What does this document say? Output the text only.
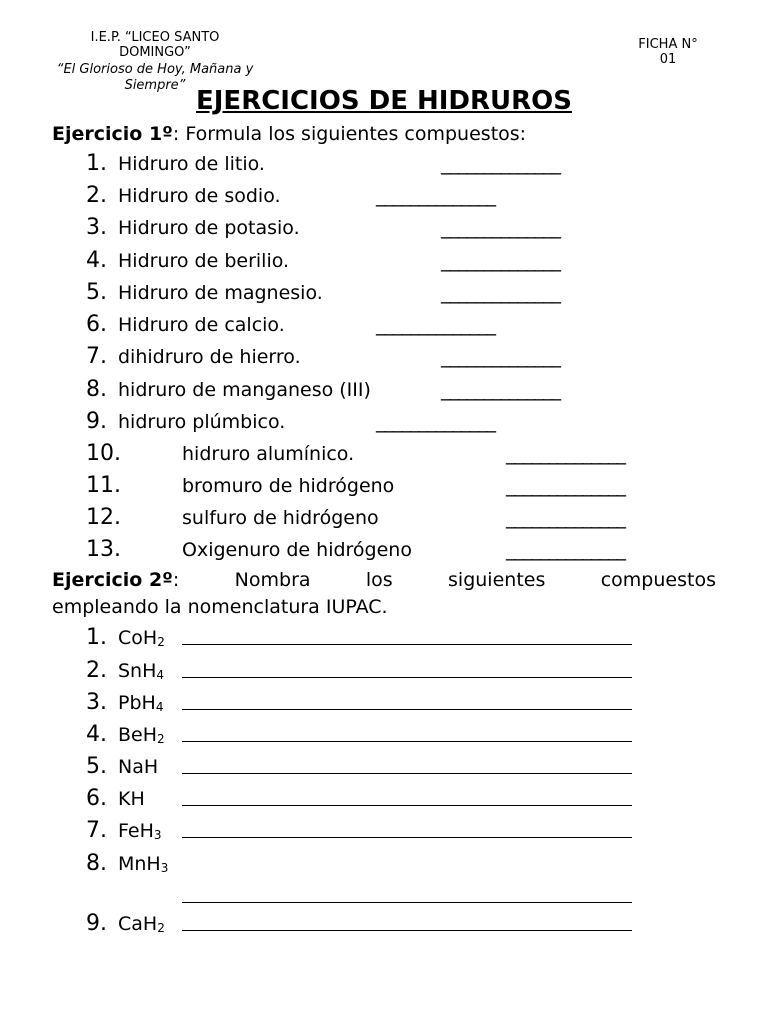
I.E.P. “LICEO SANTO
DOMINGO”
“El Glorioso de Hoy, Mañana y Siempre”
FICHA N°
01
EJERCICIOS DE HIDRUROS
Ejercicio 1º: Formula los siguientes compuestos:
1. Hidruro de litio.	______________
2. Hidruro de sodio.	______________
3. Hidruro de potasio.	______________
4. Hidruro de berilio.	______________
5. Hidruro de magnesio.	______________
6. Hidruro de calcio.	______________
7. dihidruro de hierro.	______________
8. hidruro de manganeso (III)	______________
9. hidruro plúmbico.	______________
10.	hidruro alumínico.	______________
11.	bromuro de hidrógeno	______________
12.	sulfuro de hidrógeno	______________
13.	Oxigenuro de hidrógeno	______________
Ejercicio 2º:	Nombra	los	siguientes	compuestos
empleando la nomenclatura IUPAC.
1. CoH$_2$
2. SnH$_4$
3. PbH$_4$
4. BeH$_2$
5. NaH
6. KH
7. FeH$_3$
8. MnH$_3$
9. CaH$_2$
